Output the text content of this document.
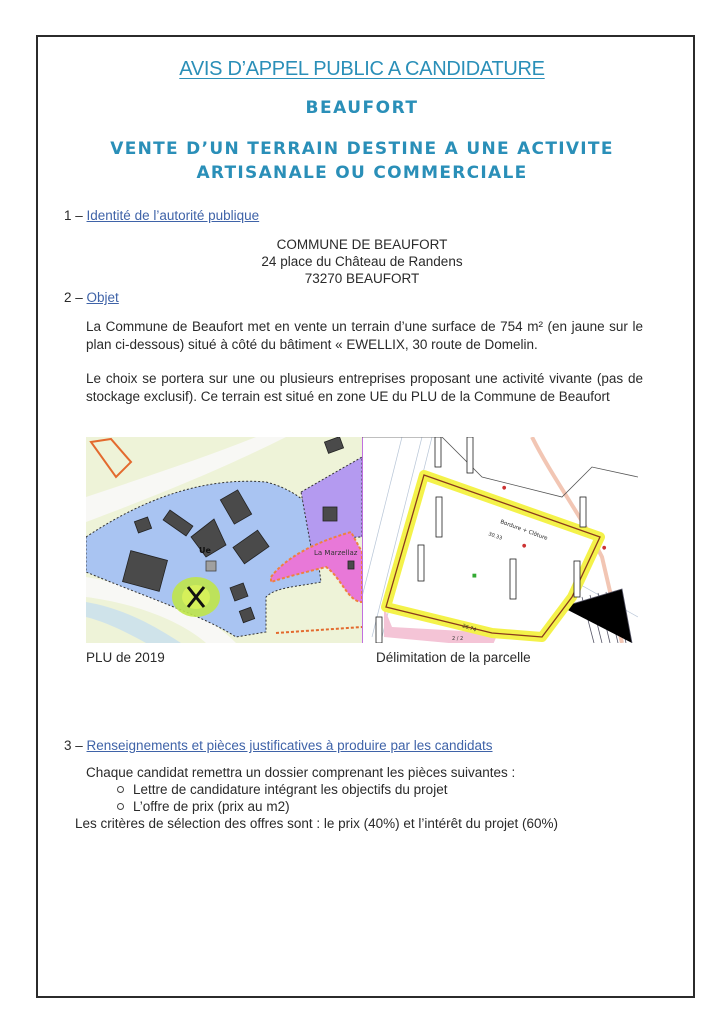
AVIS D’APPEL PUBLIC A CANDIDATURE
BEAUFORT
VENTE D’UN TERRAIN DESTINE A UNE ACTIVITE
ARTISANALE OU COMMERCIALE
1 – Identité de l’autorité publique
COMMUNE DE BEAUFORT
24 place du Château de Randens
73270 BEAUFORT
2 – Objet
La Commune de Beaufort met en vente un terrain d’une surface de 754 m² (en jaune sur le plan ci-dessous) situé à côté du bâtiment « EWELLIX, 30 route de Domelin.
Le choix se portera sur une ou plusieurs entreprises proposant une activité vivante (pas de stockage exclusif). Ce terrain est situé en zone UE du PLU de la Commune de Beaufort
La Marzellaz
Ue
PLU de 2019
Bordure + Clôture
30.33
26.74
●
■
●	●
2 / 2
Délimitation de la parcelle
3 – Renseignements et pièces justificatives à produire par les candidats
Chaque candidat remettra un dossier comprenant les pièces suivantes :
Lettre de candidature intégrant les objectifs du projet
L’offre de prix (prix au m2)
Les critères de sélection des offres sont : le prix (40%) et l’intérêt du projet (60%)
